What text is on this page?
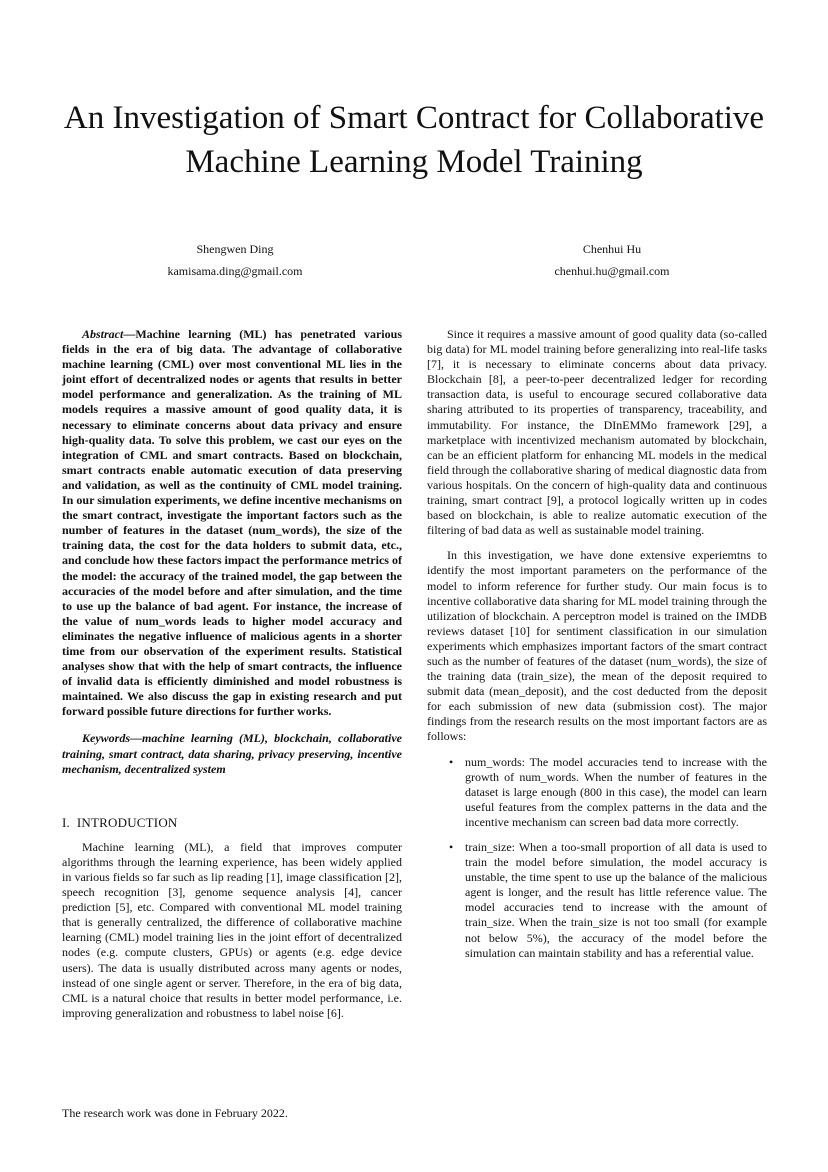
An Investigation of Smart Contract for Collaborative Machine Learning Model Training
Shengwen Ding
kamisama.ding@gmail.com
Chenhui Hu
chenhui.hu@gmail.com

Abstract—Machine learning (ML) has penetrated various fields in the era of big data. The advantage of collaborative machine learning (CML) over most conventional ML lies in the joint effort of decentralized nodes or agents that results in better model performance and generalization. As the training of ML models requires a massive amount of good quality data, it is necessary to eliminate concerns about data privacy and ensure high-quality data. To solve this problem, we cast our eyes on the integration of CML and smart contracts. Based on blockchain, smart contracts enable automatic execution of data preserving and validation, as well as the continuity of CML model training. In our simulation experiments, we define incentive mechanisms on the smart contract, investigate the important factors such as the number of features in the dataset (num_words), the size of the training data, the cost for the data holders to submit data, etc., and conclude how these factors impact the performance metrics of the model: the accuracy of the trained model, the gap between the accuracies of the model before and after simulation, and the time to use up the balance of bad agent. For instance, the increase of the value of num_words leads to higher model accuracy and eliminates the negative influence of malicious agents in a shorter time from our observation of the experiment results. Statistical analyses show that with the help of smart contracts, the influence of invalid data is efficiently diminished and model robustness is maintained. We also discuss the gap in existing research and put forward possible future directions for further works.

Keywords—machine learning (ML), blockchain, collaborative training, smart contract, data sharing, privacy preserving, incentive mechanism, decentralized system

I. INTRODUCTION

Machine learning (ML), a field that improves computer algorithms through the learning experience, has been widely applied in various fields so far such as lip reading [1], image classification [2], speech recognition [3], genome sequence analysis [4], cancer prediction [5], etc. Compared with conventional ML model training that is generally centralized, the difference of collaborative machine learning (CML) model training lies in the joint effort of decentralized nodes (e.g. compute clusters, GPUs) or agents (e.g. edge device users). The data is usually distributed across many agents or nodes, instead of one single agent or server. Therefore, in the era of big data, CML is a natural choice that results in better model performance, i.e. improving generalization and robustness to label noise [6].

Since it requires a massive amount of good quality data (so-called big data) for ML model training before generalizing into real-life tasks [7], it is necessary to eliminate concerns about data privacy. Blockchain [8], a peer-to-peer decentralized ledger for recording transaction data, is useful to encourage secured collaborative data sharing attributed to its properties of transparency, traceability, and immutability. For instance, the DInEMMo framework [29], a marketplace with incentivized mechanism automated by blockchain, can be an efficient platform for enhancing ML models in the medical field through the collaborative sharing of medical diagnostic data from various hospitals. On the concern of high-quality data and continuous training, smart contract [9], a protocol logically written up in codes based on blockchain, is able to realize automatic execution of the filtering of bad data as well as sustainable model training.

In this investigation, we have done extensive experiemtns to identify the most important parameters on the performance of the model to inform reference for further study. Our main focus is to incentive collaborative data sharing for ML model training through the utilization of blockchain. A perceptron model is trained on the IMDB reviews dataset [10] for sentiment classification in our simulation experiments which emphasizes important factors of the smart contract such as the number of features of the dataset (num_words), the size of the training data (train_size), the mean of the deposit required to submit data (mean_deposit), and the cost deducted from the deposit for each submission of new data (submission cost). The major findings from the research results on the most important factors are as follows:

• num_words: The model accuracies tend to increase with the growth of num_words. When the number of features in the dataset is large enough (800 in this case), the model can learn useful features from the complex patterns in the data and the incentive mechanism can screen bad data more correctly.
• train_size: When a too-small proportion of all data is used to train the model before simulation, the model accuracy is unstable, the time spent to use up the balance of the malicious agent is longer, and the result has little reference value. The model accuracies tend to increase with the amount of train_size. When the train_size is not too small (for example not below 5%), the accuracy of the model before the simulation can maintain stability and has a referential value.
The research work was done in February 2022.
